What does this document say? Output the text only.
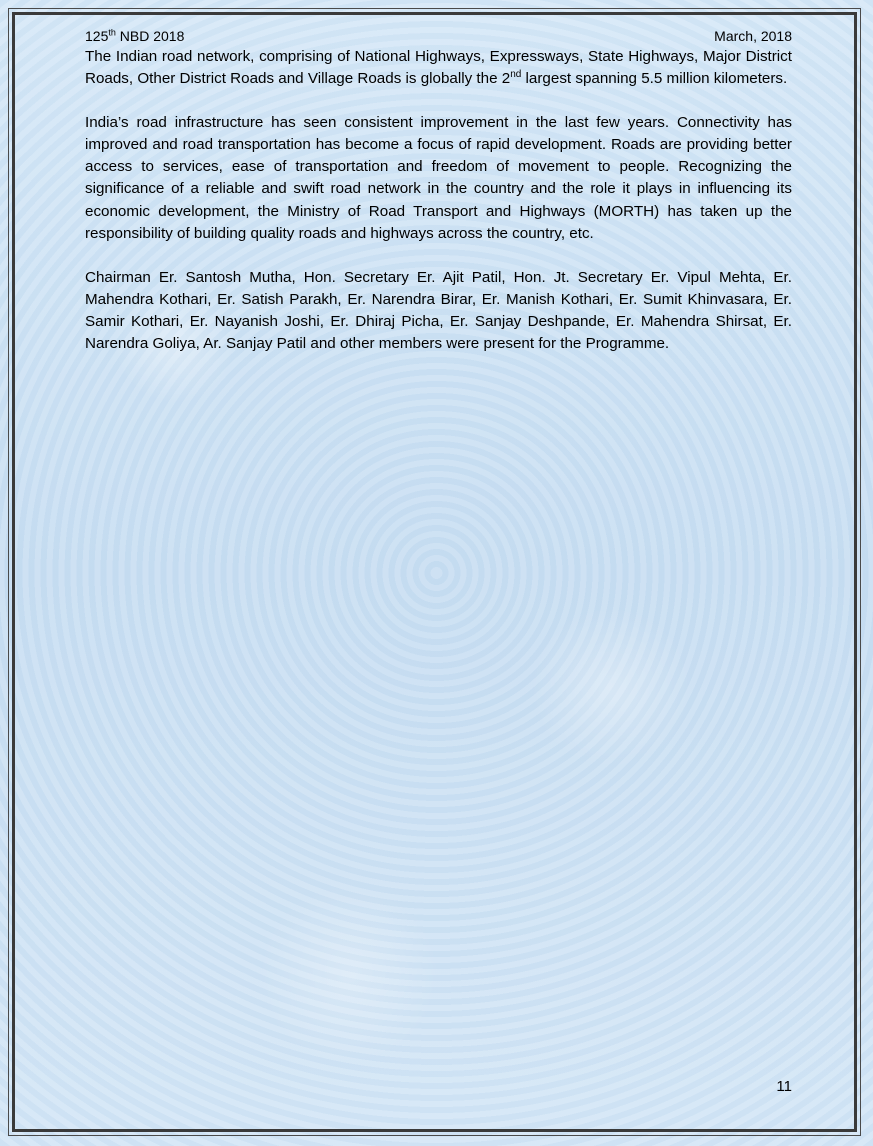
125th NBD 2018	March, 2018

The Indian road network, comprising of National Highways, Expressways, State Highways, Major District Roads, Other District Roads and Village Roads is globally the 2nd largest spanning 5.5 million kilometers.

India’s road infrastructure has seen consistent improvement in the last few years. Connectivity has improved and road transportation has become a focus of rapid development. Roads are providing better access to services, ease of transportation and freedom of movement to people. Recognizing the significance of a reliable and swift road network in the country and the role it plays in influencing its economic development, the Ministry of Road Transport and Highways (MORTH) has taken up the responsibility of building quality roads and highways across the country, etc.

Chairman Er. Santosh Mutha, Hon. Secretary Er. Ajit Patil, Hon. Jt. Secretary Er. Vipul Mehta, Er. Mahendra Kothari, Er. Satish Parakh, Er. Narendra Birar, Er. Manish Kothari, Er. Sumit Khinvasara, Er. Samir Kothari, Er. Nayanish Joshi, Er. Dhiraj Picha, Er. Sanjay Deshpande, Er. Mahendra Shirsat, Er. Narendra Goliya, Ar. Sanjay Patil and other members were present for the Programme.

11
